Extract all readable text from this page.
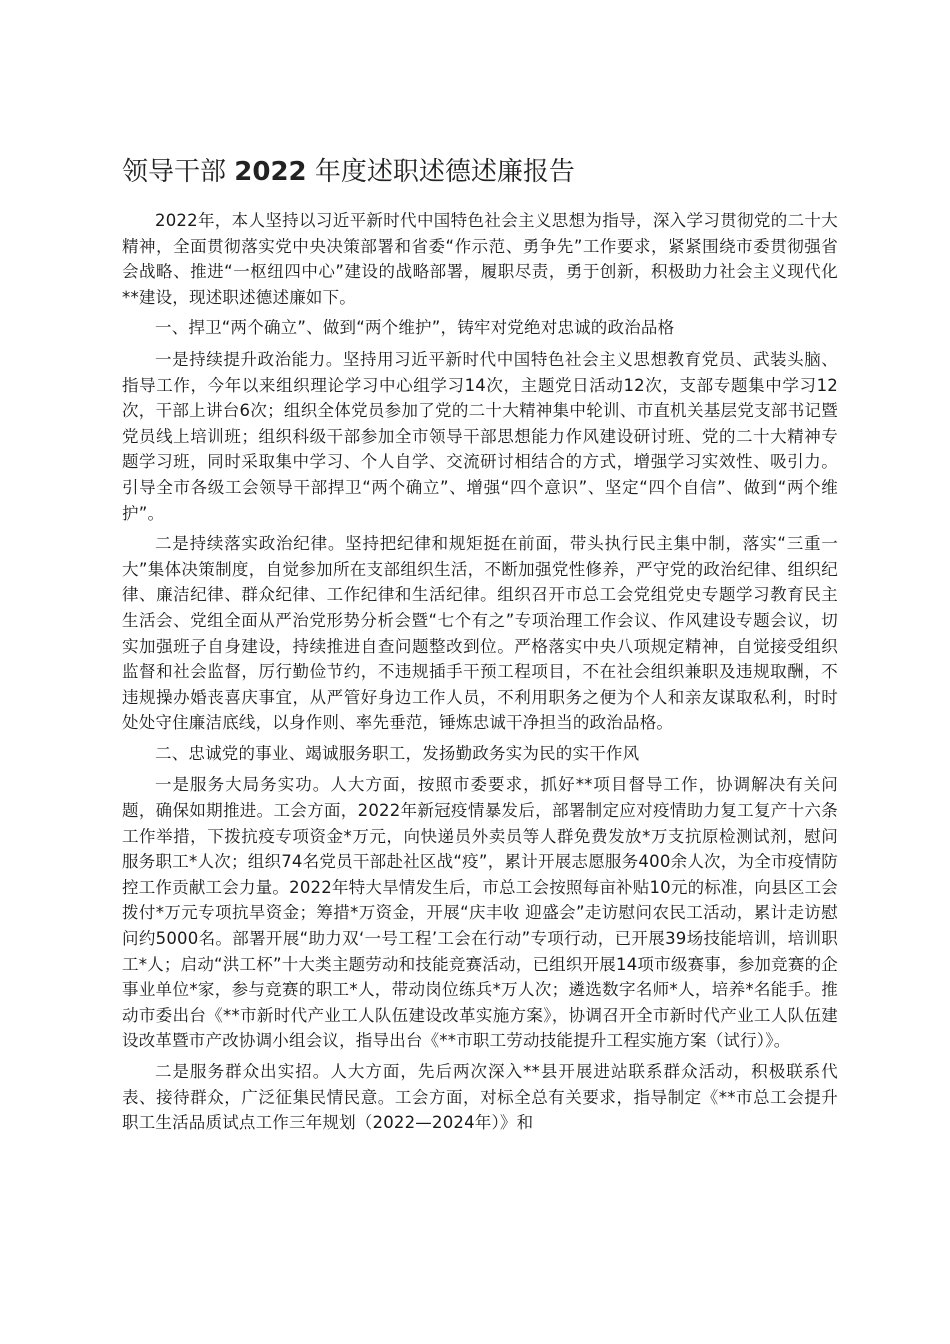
领导干部 2022 年度述职述德述廉报告

2022年，本人坚持以习近平新时代中国特色社会主义思想为指导，深入学习贯彻党的二十大精神，全面贯彻落实党中央决策部署和省委“作示范、勇争先”工作要求，紧紧围绕市委贯彻强省会战略、推进“一枢纽四中心”建设的战略部署，履职尽责，勇于创新，积极助力社会主义现代化**建设，现述职述德述廉如下。

一、捍卫“两个确立”、做到“两个维护”，铸牢对党绝对忠诚的政治品格

一是持续提升政治能力。坚持用习近平新时代中国特色社会主义思想教育党员、武装头脑、指导工作，今年以来组织理论学习中心组学习14次，主题党日活动12次，支部专题集中学习12次，干部上讲台6次；组织全体党员参加了党的二十大精神集中轮训、市直机关基层党支部书记暨党员线上培训班；组织科级干部参加全市领导干部思想能力作风建设研讨班、党的二十大精神专题学习班，同时采取集中学习、个人自学、交流研讨相结合的方式，增强学习实效性、吸引力。引导全市各级工会领导干部捍卫“两个确立”、增强“四个意识”、坚定“四个自信”、做到“两个维护”。

二是持续落实政治纪律。坚持把纪律和规矩挺在前面，带头执行民主集中制，落实“三重一大”集体决策制度，自觉参加所在支部组织生活，不断加强党性修养，严守党的政治纪律、组织纪律、廉洁纪律、群众纪律、工作纪律和生活纪律。组织召开市总工会党组党史专题学习教育民主生活会、党组全面从严治党形势分析会暨“七个有之”专项治理工作会议、作风建设专题会议，切实加强班子自身建设，持续推进自查问题整改到位。严格落实中央八项规定精神，自觉接受组织监督和社会监督，厉行勤俭节约，不违规插手干预工程项目，不在社会组织兼职及违规取酬，不违规操办婚丧喜庆事宜，从严管好身边工作人员，不利用职务之便为个人和亲友谋取私利，时时处处守住廉洁底线，以身作则、率先垂范，锤炼忠诚干净担当的政治品格。

二、忠诚党的事业、竭诚服务职工，发扬勤政务实为民的实干作风

一是服务大局务实功。人大方面，按照市委要求，抓好**项目督导工作，协调解决有关问题，确保如期推进。工会方面，2022年新冠疫情暴发后，部署制定应对疫情助力复工复产十六条工作举措，下拨抗疫专项资金*万元，向快递员外卖员等人群免费发放*万支抗原检测试剂，慰问服务职工*人次；组织74名党员干部赴社区战“疫”，累计开展志愿服务400余人次，为全市疫情防控工作贡献工会力量。2022年特大旱情发生后，市总工会按照每亩补贴10元的标准，向县区工会拨付*万元专项抗旱资金；筹措*万资金，开展“庆丰收 迎盛会”走访慰问农民工活动，累计走访慰问约5000名。部署开展“助力双‘一号工程’工会在行动”专项行动，已开展39场技能培训，培训职工*人；启动“洪工杯”十大类主题劳动和技能竞赛活动，已组织开展14项市级赛事，参加竞赛的企事业单位*家，参与竞赛的职工*人，带动岗位练兵*万人次；遴选数字名师*人，培养*名能手。推动市委出台《**市新时代产业工人队伍建设改革实施方案》，协调召开全市新时代产业工人队伍建设改革暨市产改协调小组会议，指导出台《**市职工劳动技能提升工程实施方案（试行）》。

二是服务群众出实招。人大方面，先后两次深入**县开展进站联系群众活动，积极联系代表、接待群众，广泛征集民情民意。工会方面，对标全总有关要求，指导制定《**市总工会提升职工生活品质试点工作三年规划（2022—2024年）》和
